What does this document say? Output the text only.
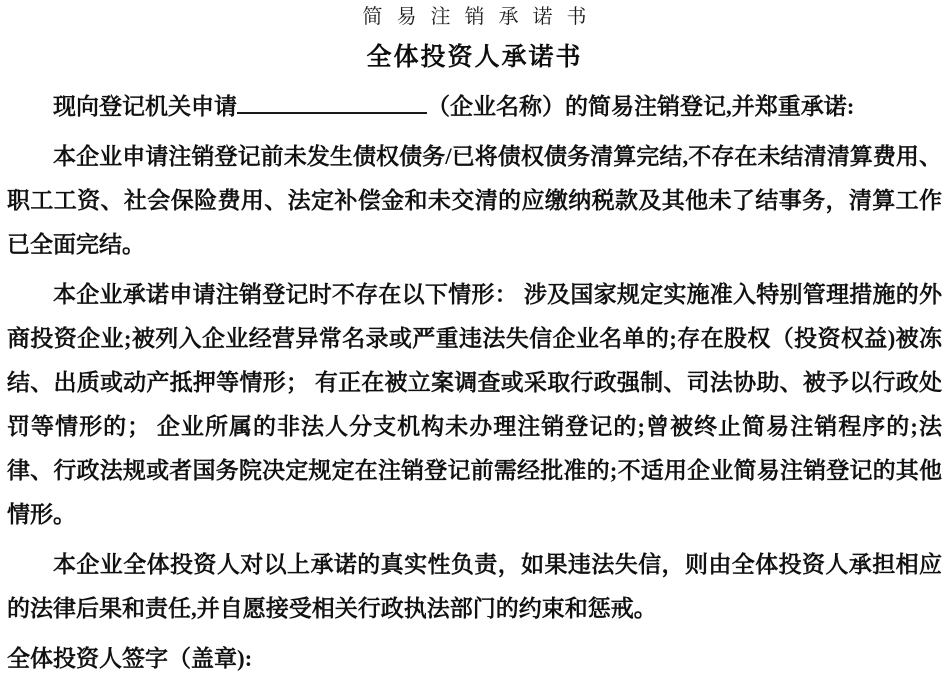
简易注销承诺书
全体投资人承诺书

现向登记机关申请	（企业名称）的简易注销登记,并郑重承诺:

本企业申请注销登记前未发生债权债务/已将债权债务清算完结,不存在未结清清算费用、职工工资、社会保险费用、法定补偿金和未交清的应缴纳税款及其他未了结事务，清算工作已全面完结。

本企业承诺申请注销登记时不存在以下情形： 涉及国家规定实施准入特别管理措施的外商投资企业;被列入企业经营异常名录或严重违法失信企业名单的;存在股权（投资权益)被冻结、出质或动产抵押等情形； 有正在被立案调查或采取行政强制、司法协助、被予以行政处罚等情形的； 企业所属的非法人分支机构未办理注销登记的;曾被终止简易注销程序的;法律、行政法规或者国务院决定规定在注销登记前需经批准的;不适用企业简易注销登记的其他情形。

本企业全体投资人对以上承诺的真实性负责，如果违法失信，则由全体投资人承担相应的法律后果和责任,并自愿接受相关行政执法部门的约束和惩戒。

全体投资人签字（盖章):
